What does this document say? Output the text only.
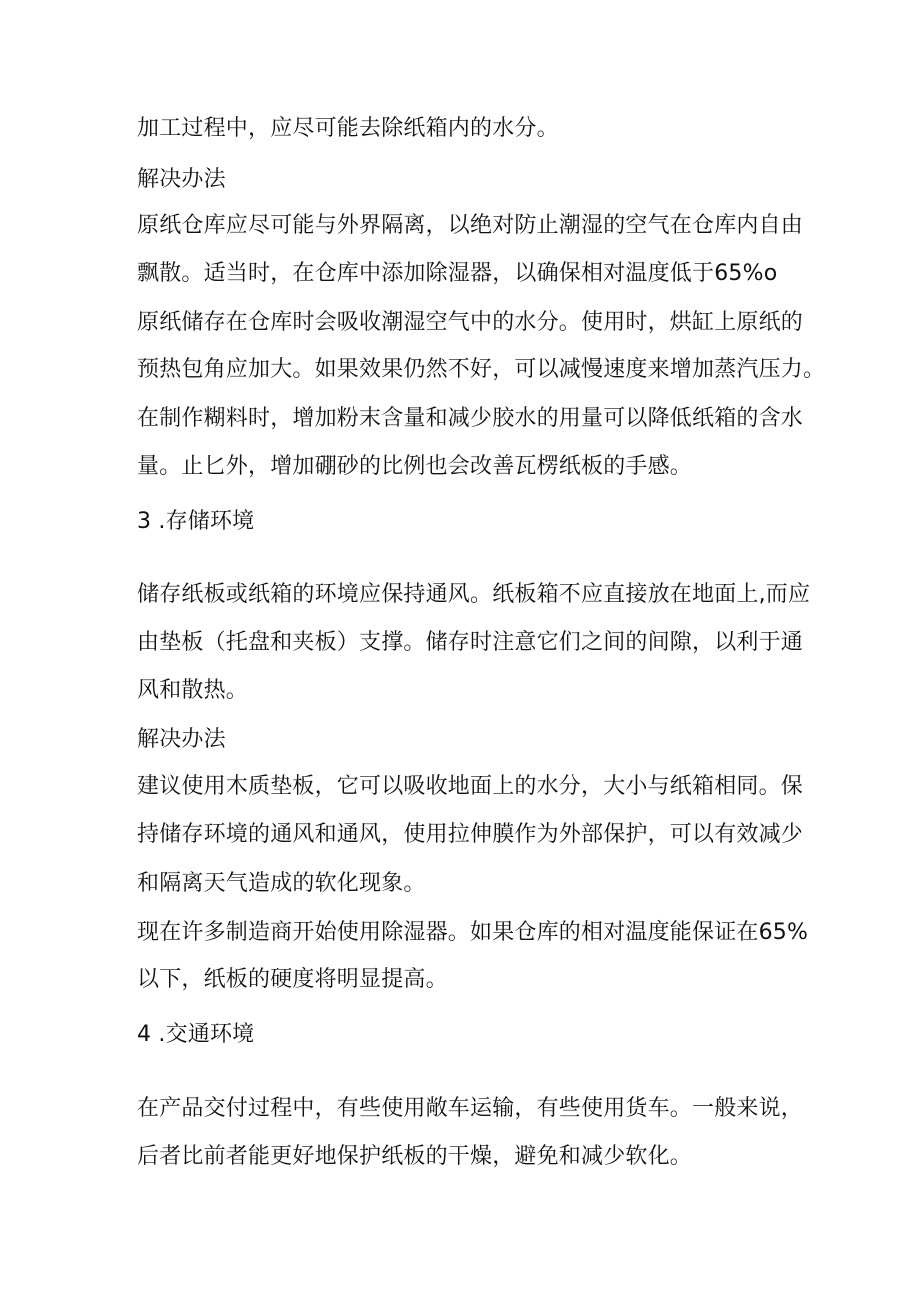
加工过程中，应尽可能去除纸箱内的水分。

解决办法

原纸仓库应尽可能与外界隔离，以绝对防止潮湿的空气在仓库内自由

飘散。适当时，在仓库中添加除湿器，以确保相对温度低于65%o

原纸储存在仓库时会吸收潮湿空气中的水分。使用时，烘缸上原纸的

预热包角应加大。如果效果仍然不好，可以减慢速度来增加蒸汽压力。

在制作糊料时，增加粉末含量和减少胶水的用量可以降低纸箱的含水

量。止匕外，增加硼砂的比例也会改善瓦楞纸板的手感。

3 .存储环境

储存纸板或纸箱的环境应保持通风。纸板箱不应直接放在地面上,而应

由垫板（托盘和夹板）支撑。储存时注意它们之间的间隙，以利于通

风和散热。

解决办法

建议使用木质垫板，它可以吸收地面上的水分，大小与纸箱相同。保

持储存环境的通风和通风，使用拉伸膜作为外部保护，可以有效减少

和隔离天气造成的软化现象。

现在许多制造商开始使用除湿器。如果仓库的相对温度能保证在65%

以下，纸板的硬度将明显提高。

4 .交通环境

在产品交付过程中，有些使用敞车运输，有些使用货车。一般来说，

后者比前者能更好地保护纸板的干燥，避免和减少软化。
